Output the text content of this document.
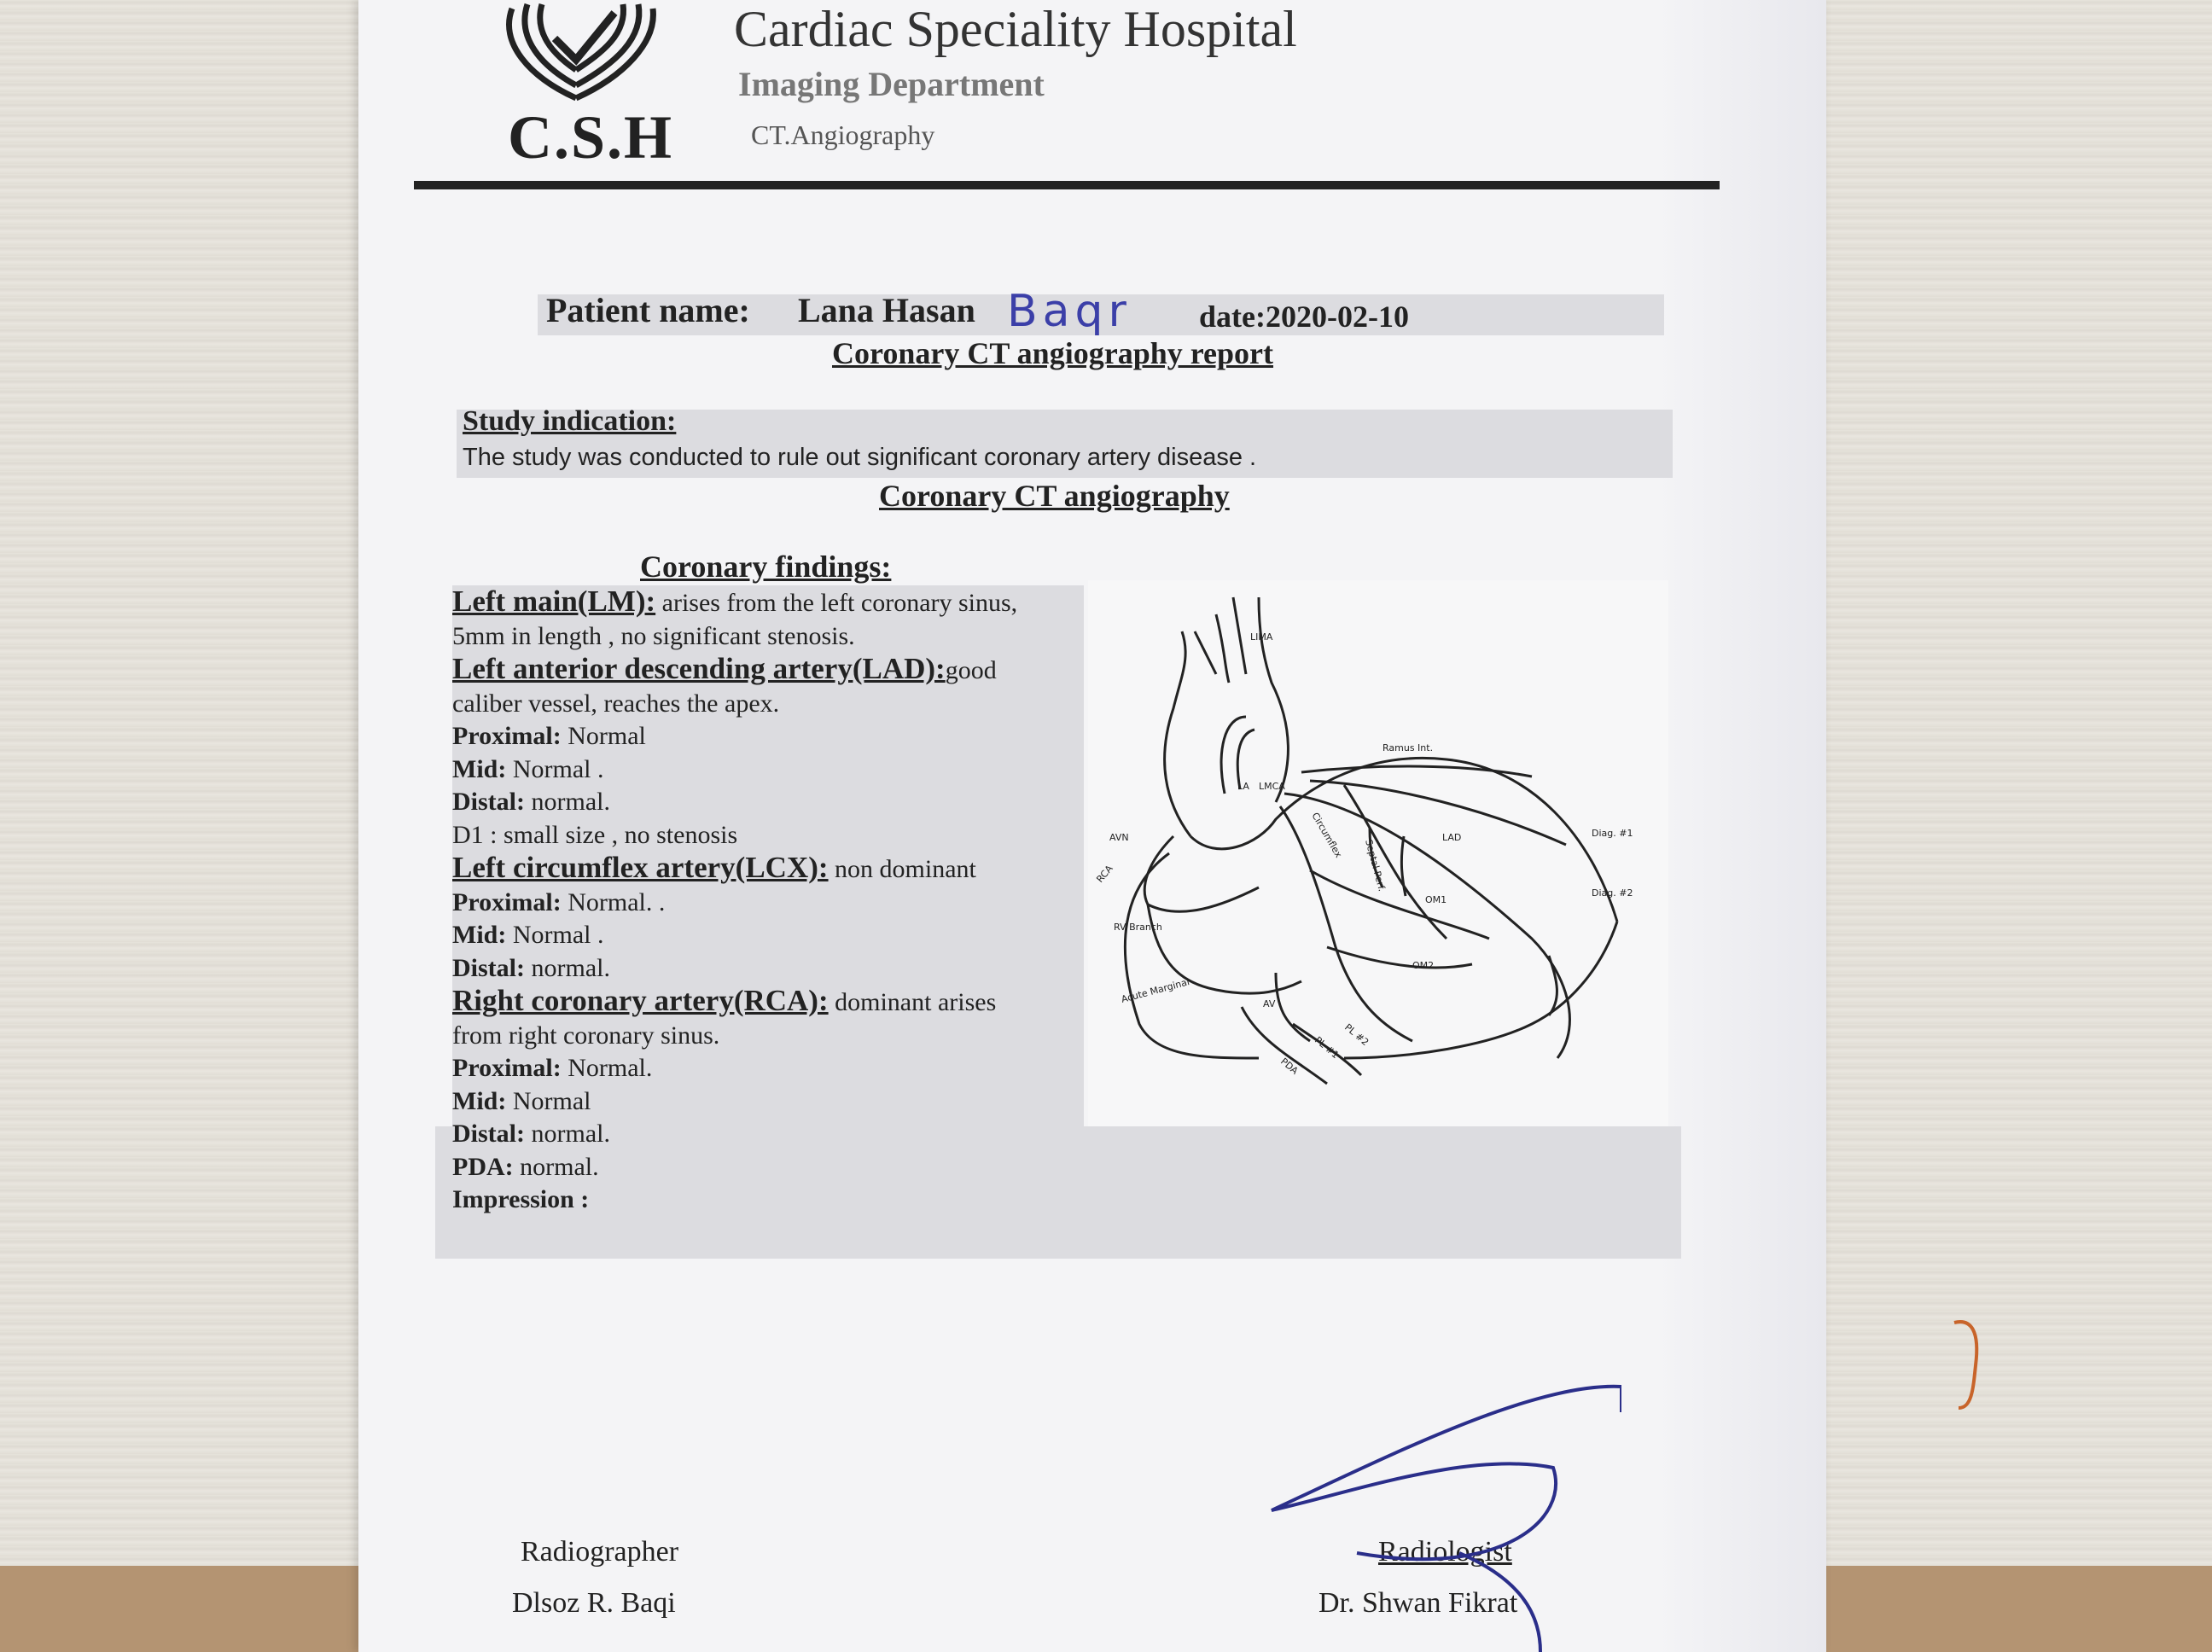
C.S.H
Cardiac Speciality Hospital
Imaging Department
CT.Angiography
Patient name: Lana Hasan Baqr date:2020-02-10
Coronary CT angiography report
Study indication:
The study was conducted to rule out significant coronary artery disease .
Coronary CT angiography
Coronary findings:
Left main(LM): arises from the left coronary sinus,
5mm in length , no significant stenosis.
Left anterior descending artery(LAD):good
caliber vessel, reaches the apex.
Proximal: Normal
Mid: Normal .
Distal: normal.
D1 : small size , no stenosis
Left circumflex artery(LCX): non dominant
Proximal: Normal. .
Mid: Normal .
Distal: normal.
Right coronary artery(RCA): dominant arises
from right coronary sinus.
Proximal: Normal.
Mid: Normal
Distal: normal.
PDA: normal.
Impression :
LIMA
Ramus Int.
Diag. #1
Diag. #2
LA LMCA
Circumflex
Septal Perf.
LAD
AVN
RCA
OM1
RV Branch
OM2
Acute Marginal	AV
PL #1 PL #2
PDA
Radiographer
Dlsoz R. Baqi
Radiologist
Dr. Shwan Fikrat
